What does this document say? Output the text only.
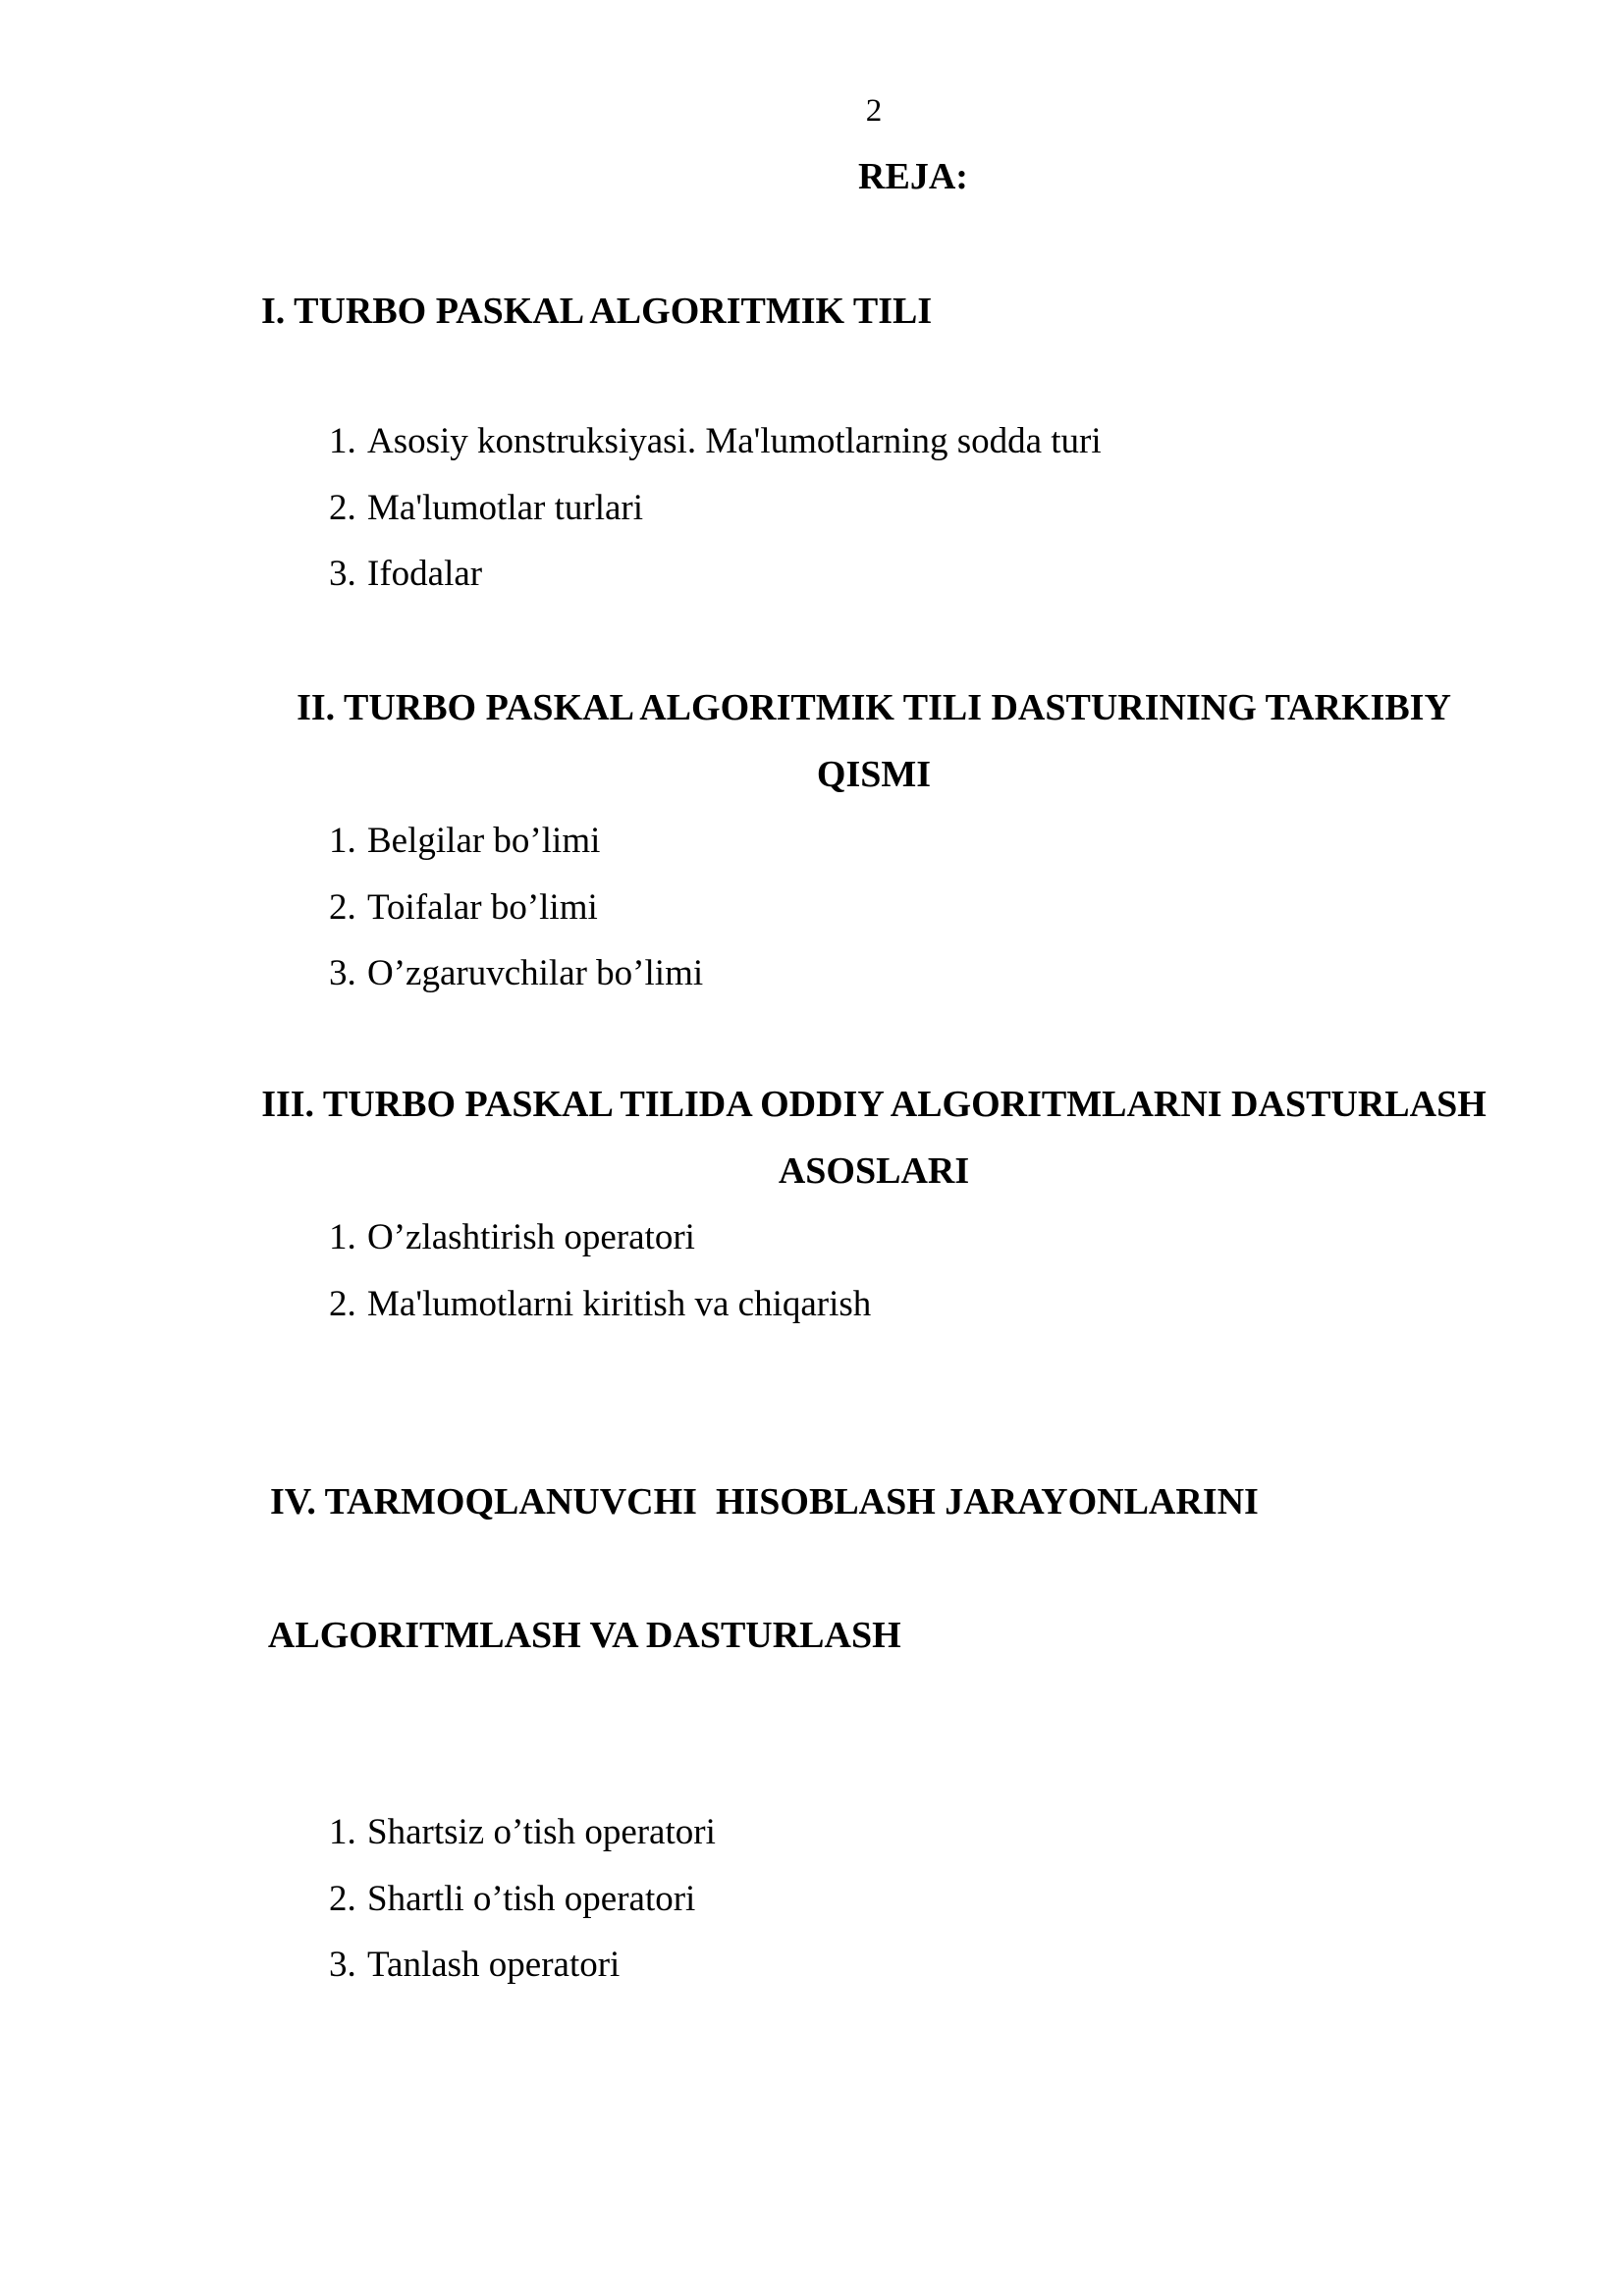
2
REJA:
I. TURBO PASKAL ALGORITMIK TILI
1. Asosiy konstruksiyasi. Ma'lumotlarning sodda turi
2. Ma'lumotlar turlari
3. Ifodalar
II. TURBO PASKAL ALGORITMIK TILI DASTURINING TARKIBIY
QISMI
1. Belgilar bo’limi
2. Toifalar bo’limi
3. O’zgaruvchilar bo’limi
III. TURBO PASKAL TILIDA ODDIY ALGORITMLARNI DASTURLASH
ASOSLARI
1. O’zlashtirish operatori
2. Ma'lumotlarni kiritish va chiqarish

IV. TARMOQLANUVCHI  HISOBLASH JARAYONLARINI

ALGORITMLASH VA DASTURLASH

1. Shartsiz o’tish operatori
2. Shartli o’tish operatori
3. Tanlash operatori
